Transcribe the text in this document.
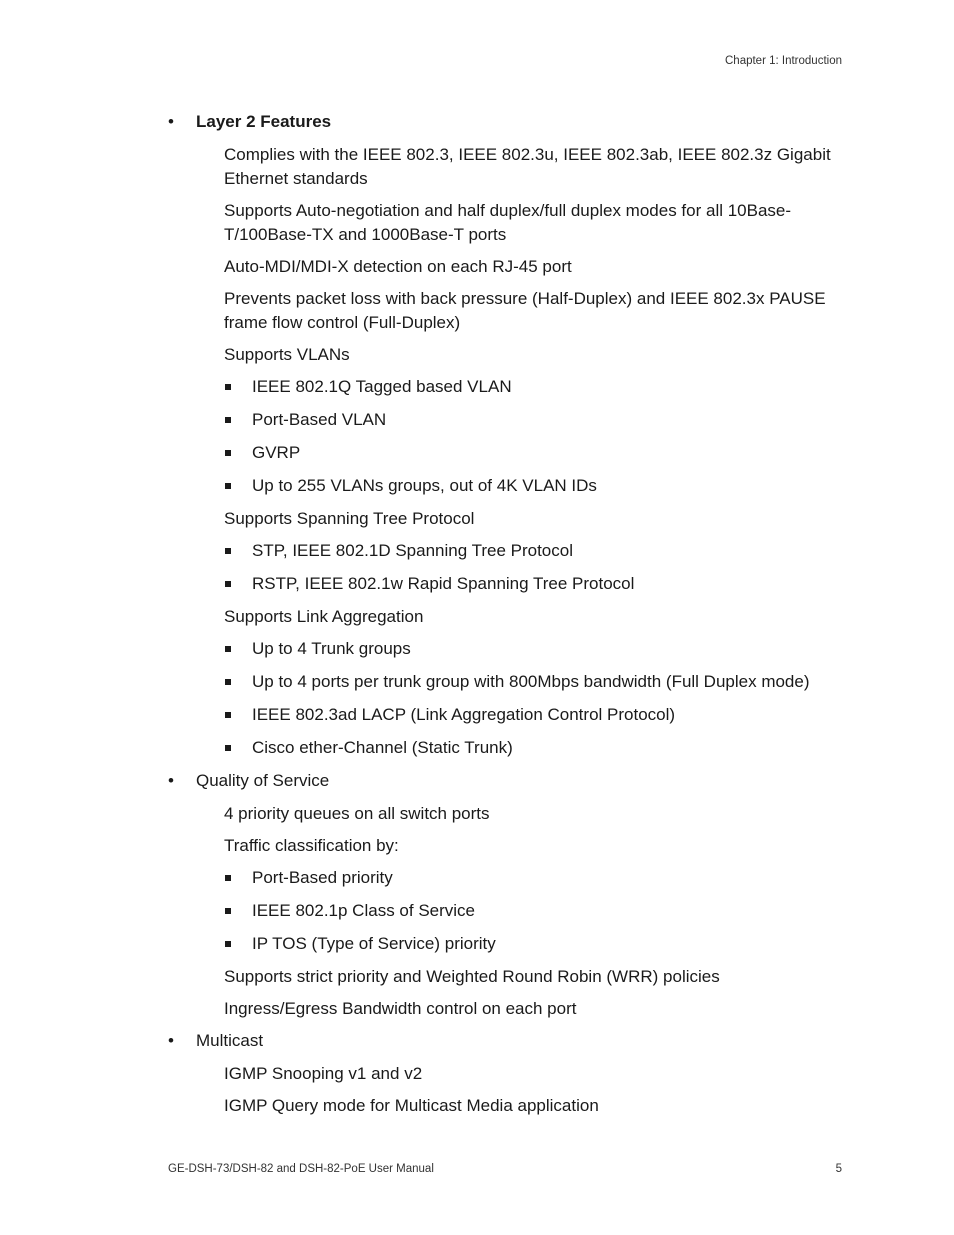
Chapter 1: Introduction
• Layer 2 Features
Complies with the IEEE 802.3, IEEE 802.3u, IEEE 802.3ab, IEEE 802.3z Gigabit Ethernet standards
Supports Auto-negotiation and half duplex/full duplex modes for all 10Base-T/100Base-TX and 1000Base-T ports
Auto-MDI/MDI-X detection on each RJ-45 port
Prevents packet loss with back pressure (Half-Duplex) and IEEE 802.3x PAUSE frame flow control (Full-Duplex)
Supports VLANs
IEEE 802.1Q Tagged based VLAN
Port-Based VLAN
GVRP
Up to 255 VLANs groups, out of 4K VLAN IDs
Supports Spanning Tree Protocol
STP, IEEE 802.1D Spanning Tree Protocol
RSTP, IEEE 802.1w Rapid Spanning Tree Protocol
Supports Link Aggregation
Up to 4 Trunk groups
Up to 4 ports per trunk group with 800Mbps bandwidth (Full Duplex mode)
IEEE 802.3ad LACP (Link Aggregation Control Protocol)
Cisco ether-Channel (Static Trunk)
• Quality of Service
4 priority queues on all switch ports
Traffic classification by:
Port-Based priority
IEEE 802.1p Class of Service
IP TOS (Type of Service) priority
Supports strict priority and Weighted Round Robin (WRR) policies
Ingress/Egress Bandwidth control on each port
• Multicast
IGMP Snooping v1 and v2
IGMP Query mode for Multicast Media application
GE-DSH-73/DSH-82 and DSH-82-PoE User Manual	5
